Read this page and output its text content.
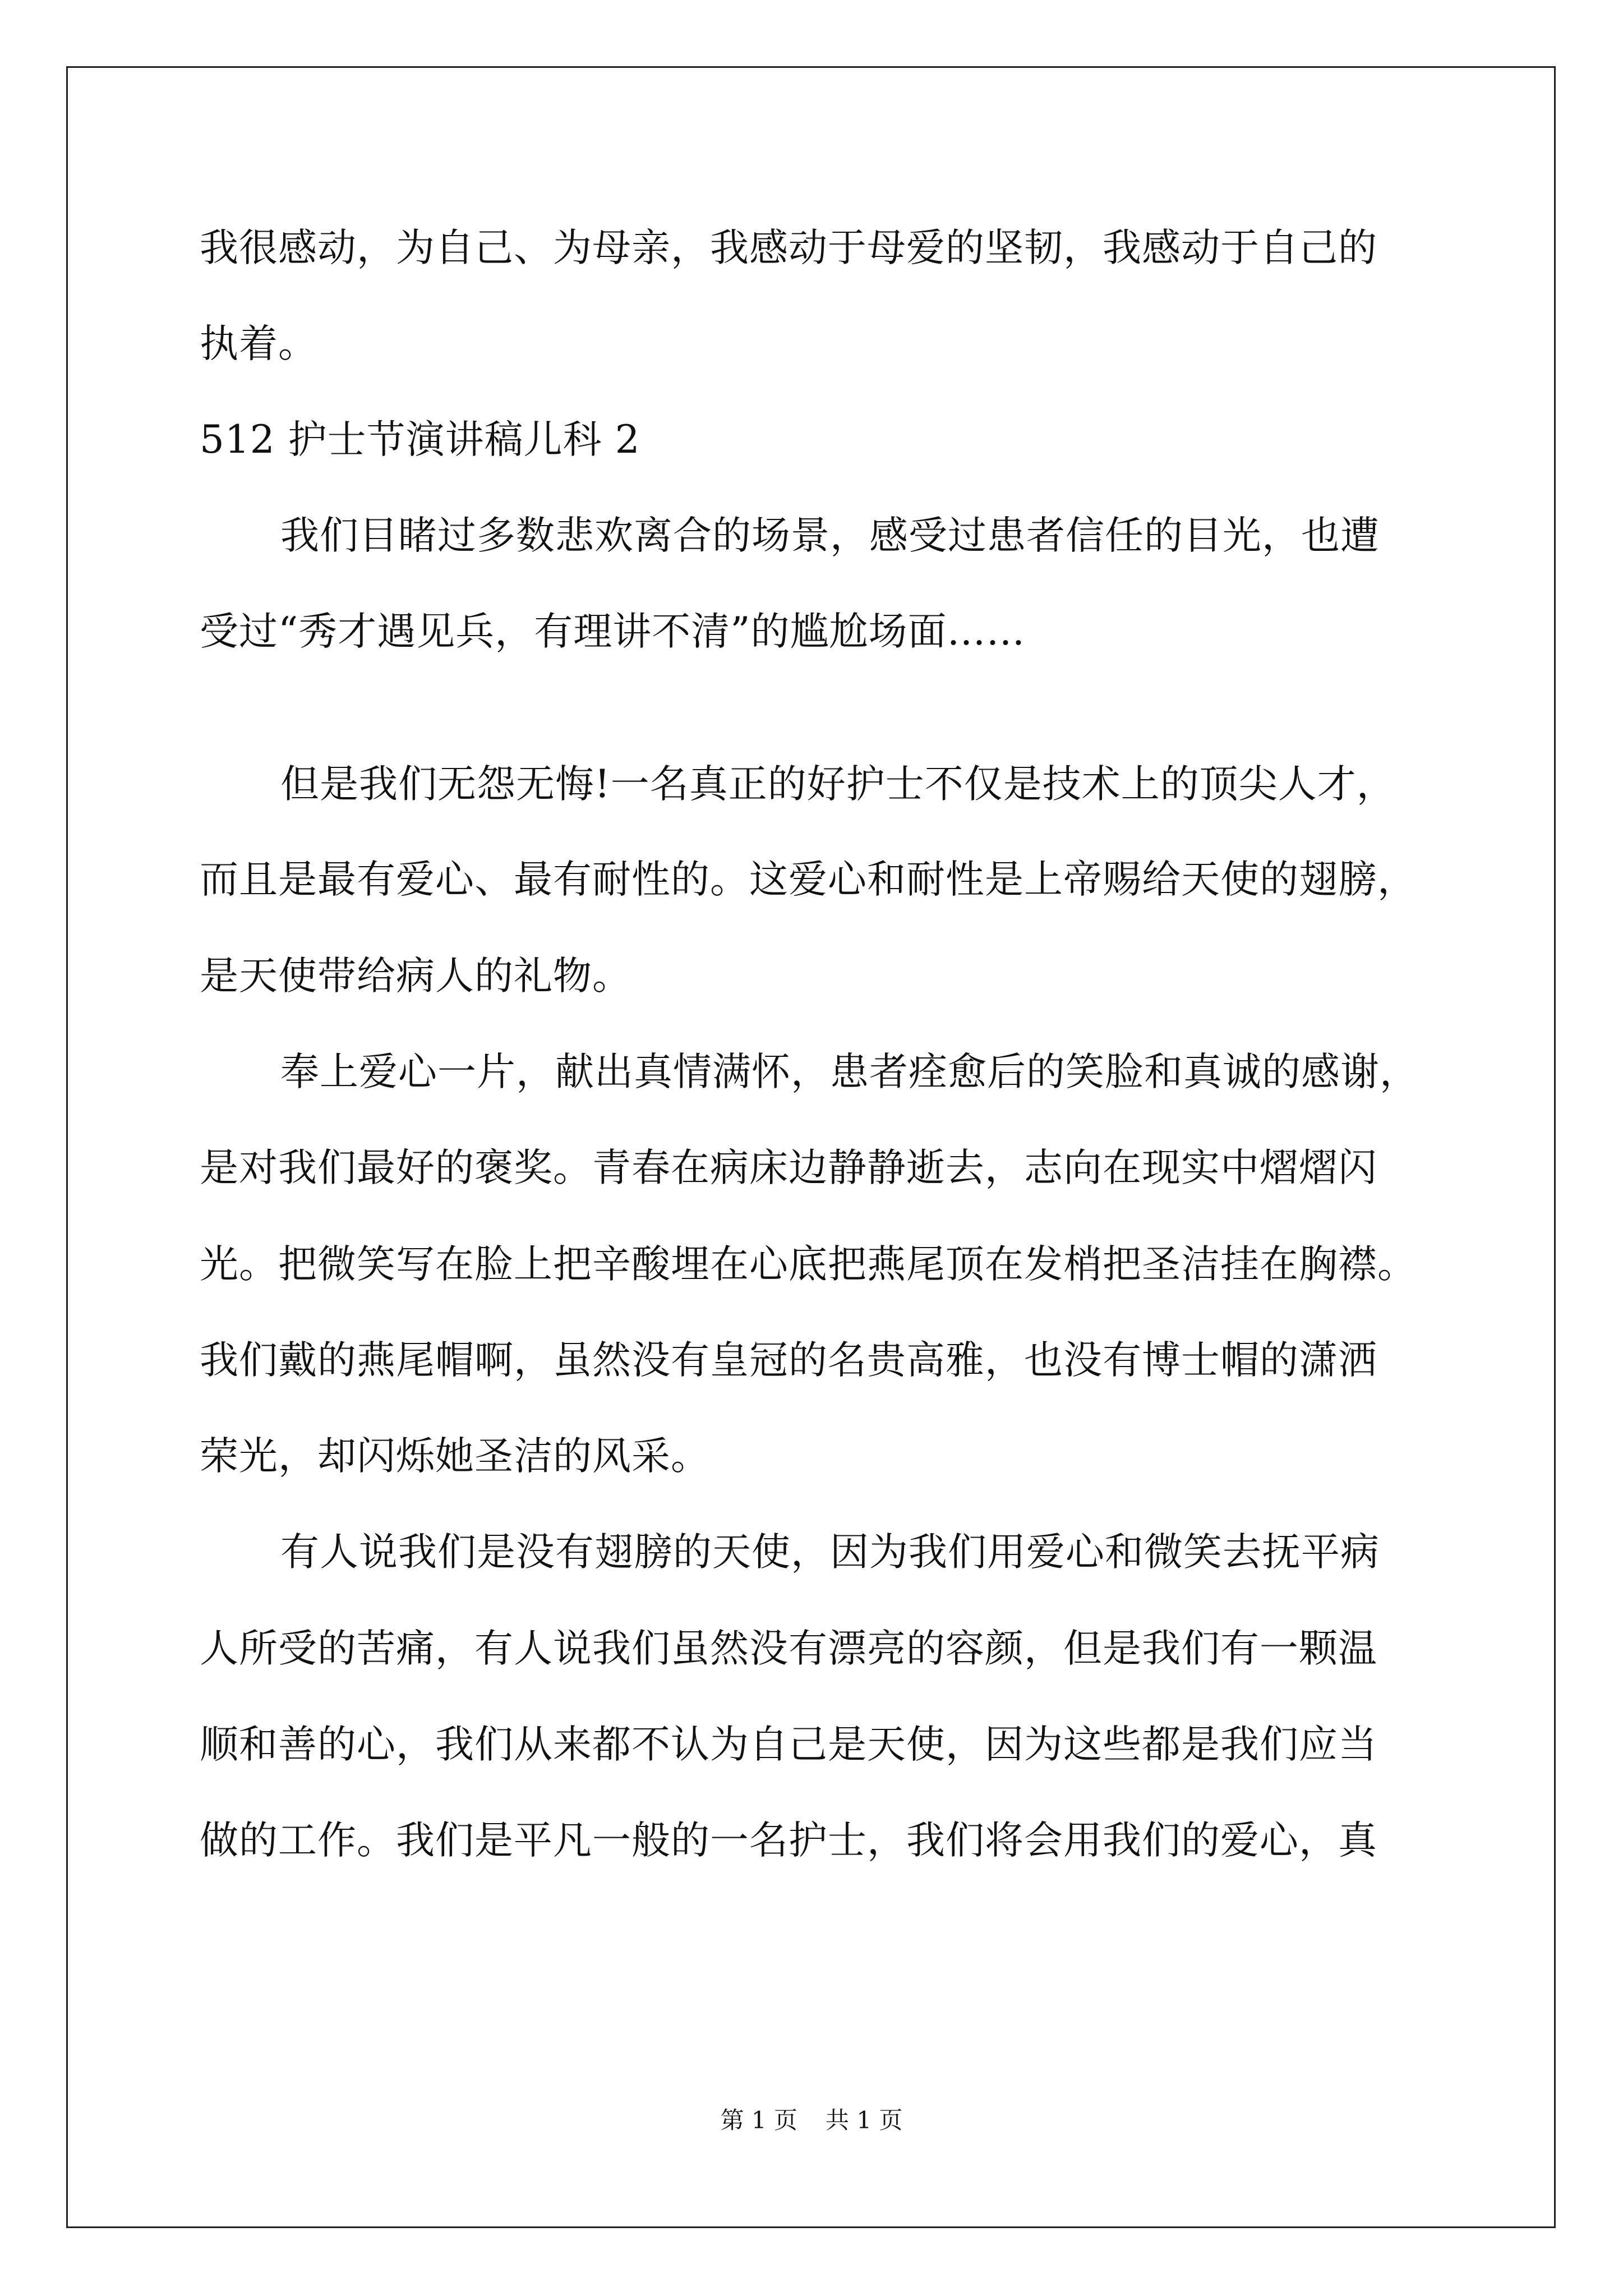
我很感动，为自己、为母亲，我感动于母爱的坚韧，我感动于自己的
执着。
512 护士节演讲稿儿科 2
我们目睹过多数悲欢离合的场景，感受过患者信任的目光，也遭
受过“秀才遇见兵，有理讲不清”的尴尬场面……
但是我们无怨无悔!一名真正的好护士不仅是技术上的顶尖人才，
而且是最有爱心、最有耐性的。这爱心和耐性是上帝赐给天使的翅膀，
是天使带给病人的礼物。
奉上爱心一片，献出真情满怀，患者痊愈后的笑脸和真诚的感谢，
是对我们最好的褒奖。青春在病床边静静逝去，志向在现实中熠熠闪
光。把微笑写在脸上把辛酸埋在心底把燕尾顶在发梢把圣洁挂在胸襟。
我们戴的燕尾帽啊，虽然没有皇冠的名贵高雅，也没有博士帽的潇洒
荣光，却闪烁她圣洁的风采。
有人说我们是没有翅膀的天使，因为我们用爱心和微笑去抚平病
人所受的苦痛，有人说我们虽然没有漂亮的容颜，但是我们有一颗温
顺和善的心，我们从来都不认为自己是天使，因为这些都是我们应当
做的工作。我们是平凡一般的一名护士，我们将会用我们的爱心，真
第 1 页 共 1 页
